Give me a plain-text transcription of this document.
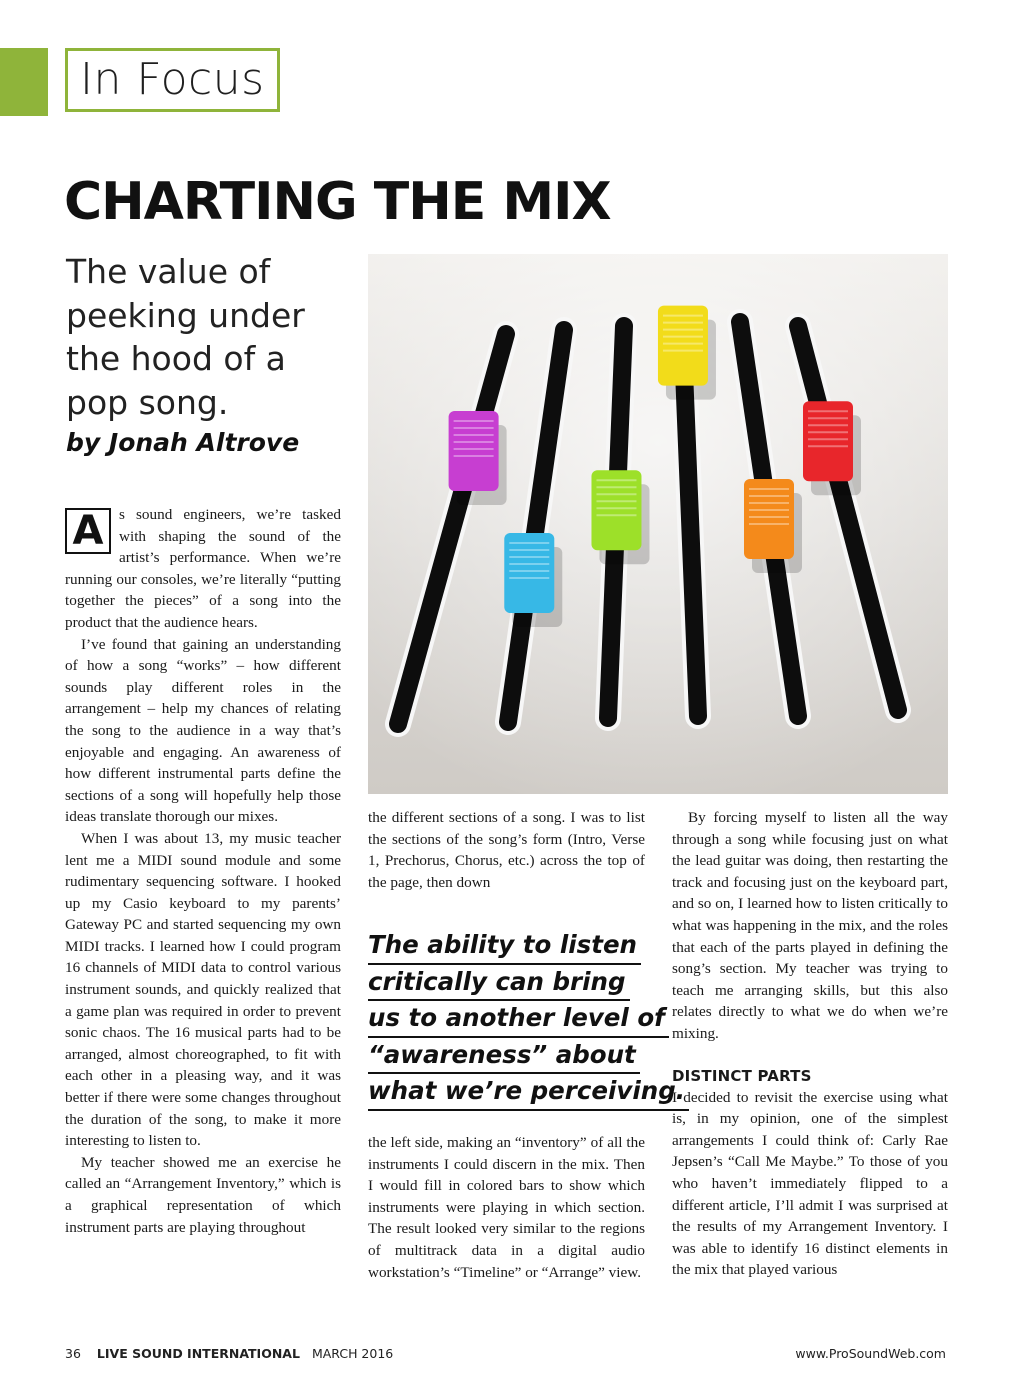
In Focus
CHARTING THE MIX
The value of peeking under the hood of a pop song.
by Jonah Altrove

A	s sound engineers, we’re tasked with shaping the sound of the artist’s performance. When we’re running our consoles, we’re literally “putting together the pieces” of a song into the product that the audience hears.

I’ve found that gaining an understanding of how a song “works” – how different sounds play different roles in the arrangement – help my chances of relating the song to the audience in a way that’s enjoyable and engaging. An awareness of how different instrumental parts define the sections of a song will hopefully help those ideas translate thorough our mixes.

When I was about 13, my music teacher lent me a MIDI sound module and some rudimentary sequencing software. I hooked up my Casio keyboard to my parents’ Gateway PC and started sequencing my own MIDI tracks. I learned how I could program 16 channels of MIDI data to control various instrument sounds, and quickly realized that a game plan was required in order to prevent sonic chaos. The 16 musical parts had to be arranged, almost choreographed, to fit with each other in a pleasing way, and it was better if there were some changes throughout the duration of the song, to make it more interesting to listen to.

My teacher showed me an exercise he called an “Arrangement Inventory,” which is a graphical representation of which instrument parts are playing throughout

the different sections of a song. I was to list the sections of the song’s form (Intro, Verse 1, Prechorus, Chorus, etc.) across the top of the page, then down

The ability to listen
critically can bring
us to another level of
“awareness” about
what we’re perceiving.

the left side, making an “inventory” of all the instruments I could discern in the mix. Then I would fill in colored bars to show which instruments were playing in which section. The result looked very similar to the regions of multitrack data in a digital audio workstation’s “Timeline” or “Arrange” view.

By forcing myself to listen all the way through a song while focusing just on what the lead guitar was doing, then restarting the track and focusing just on the keyboard part, and so on, I learned how to listen critically to what was happening in the mix, and the roles that each of the parts played in defining the song’s section. My teacher was trying to teach me arranging skills, but this also relates directly to what we do when we’re mixing.

DISTINCT PARTS

I decided to revisit the exercise using what is, in my opinion, one of the simplest arrangements I could think of: Carly Rae Jepsen’s “Call Me Maybe.” To those of you who haven’t immediately flipped to a different article, I’ll admit I was surprised at the results of my Arrangement Inventory. I was able to identify 16 distinct elements in the mix that played various

36 LIVE SOUND INTERNATIONAL MARCH 2016	www.ProSoundWeb.com
